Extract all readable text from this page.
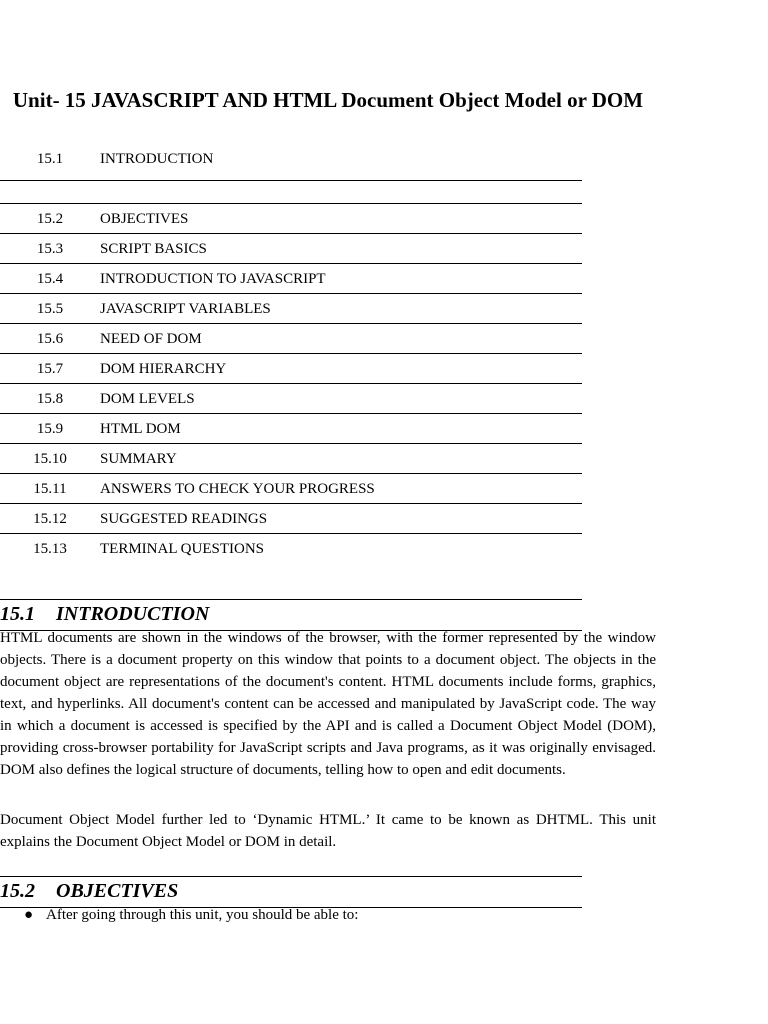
Unit- 15 JAVASCRIPT AND HTML Document Object Model or DOM
15.1	INTRODUCTION
15.2	OBJECTIVES
15.3	SCRIPT BASICS
15.4	INTRODUCTION TO JAVASCRIPT
15.5	JAVASCRIPT VARIABLES
15.6	NEED OF DOM
15.7	DOM HIERARCHY
15.8	DOM LEVELS
15.9	HTML DOM
15.10	SUMMARY
15.11	ANSWERS TO CHECK YOUR PROGRESS
15.12	SUGGESTED READINGS
15.13	TERMINAL QUESTIONS
15.1 INTRODUCTION
HTML documents are shown in the windows of the browser, with the former represented by the window objects. There is a document property on this window that points to a document object. The objects in the document object are representations of the document's content. HTML documents include forms, graphics, text, and hyperlinks. All document's content can be accessed and manipulated by JavaScript code. The way in which a document is accessed is specified by the API and is called a Document Object Model (DOM), providing cross-browser portability for JavaScript scripts and Java programs, as it was originally envisaged. DOM also defines the logical structure of documents, telling how to open and edit documents.
Document Object Model further led to ‘Dynamic HTML.’ It came to be known as DHTML. This unit explains the Document Object Model or DOM in detail.
15.2 OBJECTIVES
● After going through this unit, you should be able to:
